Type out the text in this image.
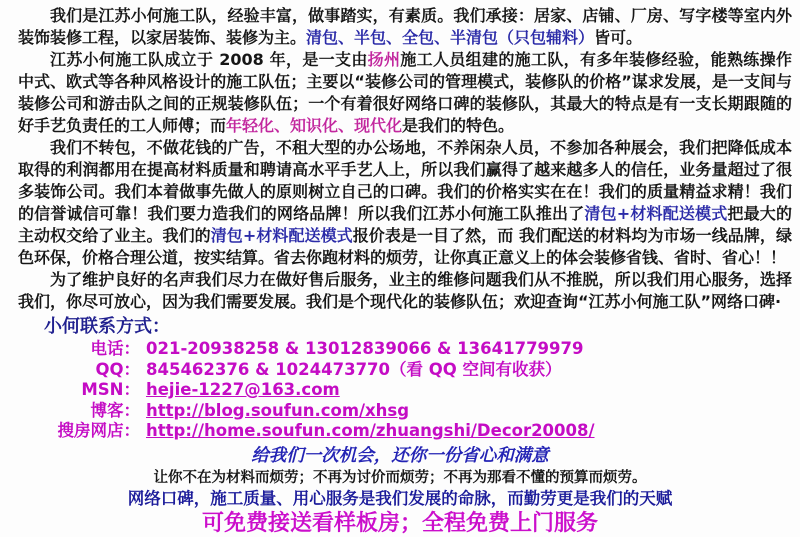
我们是江苏小何施工队，经验丰富，做事踏实，有素质。我们承接：居家、店铺、厂房、写字楼等室内外装饰装修工程，以家居装饰、装修为主。清包、半包、全包、半清包（只包辅料）皆可。

江苏小何施工队成立于 2008 年，是一支由扬州施工人员组建的施工队，有多年装修经验，能熟练操作中式、欧式等各种风格设计的施工队伍；主要以“装修公司的管理模式，装修队的价格”谋求发展，是一支间与装修公司和游击队之间的正规装修队伍；一个有着很好网络口碑的装修队，其最大的特点是有一支长期跟随的好手艺负责任的工人师傅；而年轻化、知识化、现代化是我们的特色。

我们不转包，不做花钱的广告，不租大型的办公场地，不养闲杂人员，不参加各种展会，我们把降低成本取得的利润都用在提高材料质量和聘请高水平手艺人上，所以我们赢得了越来越多人的信任，业务量超过了很多装饰公司。我们本着做事先做人的原则树立自己的口碑。我们的价格实实在在！我们的质量精益求精！我们的信誉诚信可靠！我们要力造我们的网络品牌！所以我们江苏小何施工队推出了清包+材料配送模式把最大的主动权交给了业主。我们的清包+材料配送模式报价表是一目了然，而 我们配送的材料均为市场一线品牌，绿色环保，价格合理公道，按实结算。省去你跑材料的烦劳，让你真正意义上的体会装修省钱、省时、省心！！

为了维护良好的名声我们尽力在做好售后服务，业主的维修问题我们从不推脱，所以我们用心服务，选择我们，你尽可放心，因为我们需要发展。我们是个现代化的装修队伍；欢迎查询“江苏小何施工队”网络口碑·

小何联系方式：
电话： 021-20938258 & 13012839066 & 13641779979
QQ： 845462376 & 1024473770（看 QQ 空间有收获）
MSN： hejie-1227@163.com
博客： http://blog.soufun.com/xhsg
搜房网店： http://home.soufun.com/zhuangshi/Decor20008/
给我们一次机会，还你一份省心和满意
让你不在为材料而烦劳；不再为讨价而烦劳；不再为那看不懂的预算而烦劳。
网络口碑，施工质量、用心服务是我们发展的命脉，而勤劳更是我们的天赋
可免费接送看样板房；全程免费上门服务
